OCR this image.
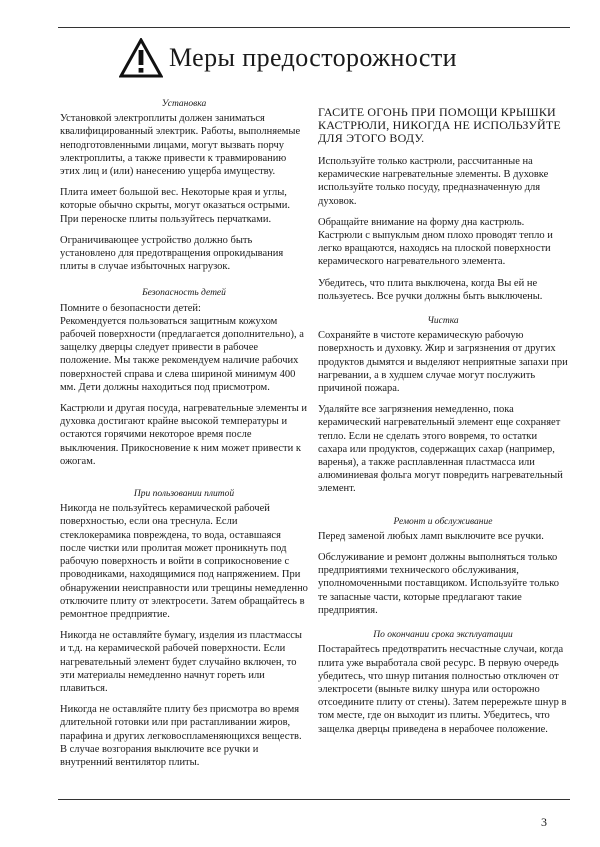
Меры предосторожности
Установка

Установкой электроплиты должен заниматься квалифицированный электрик. Работы, выполняемые неподготовленными лицами, могут вызвать порчу электроплиты, а также привести к травмированию этих лиц и (или) нанесению ущерба имуществу.

Плита имеет большой вес. Некоторые края и углы, которые обычно скрыты, могут оказаться острыми. При переноске плиты пользуйтесь перчатками.

Ограничивающее устройство должно быть установлено для предотвращения опрокидывания плиты в случае избыточных нагрузок.

Безопасность детей

Помните о безопасности детей:

Рекомендуется пользоваться защитным кожухом рабочей поверхности (предлагается дополнительно), а защелку дверцы следует привести в рабочее положение. Мы также рекомендуем наличие рабочих поверхностей справа и слева шириной минимум 400 мм. Дети должны находиться под присмотром.

Кастрюли и другая посуда, нагревательные элементы и духовка достигают крайне высокой температуры и остаются горячими некоторое время после выключения. Прикосновение к ним может привести к ожогам.

При пользовании плитой

Никогда не пользуйтесь керамической рабочей поверхностью, если она треснула. Если стеклокерамика повреждена, то вода, оставшаяся после чистки или пролитая может проникнуть под рабочую поверхность и войти в соприкосновение с проводниками, находящимися под напряжением. При обнаружении неисправности или трещины немедленно отключите плиту от электросети. Затем обращайтесь в ремонтное предприятие.

Никогда не оставляйте бумагу, изделия из пластмассы и т.д. на керамической рабочей поверхности. Если нагревательный элемент будет случайно включен, то эти материалы немедленно начнут гореть или плавиться.

Никогда не оставляйте плиту без присмотра во время длительной готовки или при растапливании жиров, парафина и других легковоспламеняющихся веществ. В случае возгорания выключите все ручки и внутренний вентилятор плиты.

ГАСИТЕ ОГОНЬ ПРИ ПОМОЩИ КРЫШКИ КАСТРЮЛИ, НИКОГДА НЕ ИСПОЛЬЗУЙТЕ ДЛЯ ЭТОГО ВОДУ.

Используйте только кастрюли, рассчитанные на керамические нагревательные элементы. В духовке используйте только посуду, предназначенную для духовок.

Обращайте внимание на форму дна кастрюль. Кастрюли с выпуклым дном плохо проводят тепло и легко вращаются, находясь на плоской поверхности керамического нагревательного элемента.

Убедитесь, что плита выключена, когда Вы ей не пользуетесь. Все ручки должны быть выключены.

Чистка

Сохраняйте в чистоте керамическую рабочую поверхность и духовку. Жир и загрязнения от других продуктов дымятся и выделяют неприятные запахи при нагревании, а в худшем случае могут послужить причиной пожара.

Удаляйте все загрязнения немедленно, пока керамический нагревательный элемент еще сохраняет тепло. Если не сделать этого вовремя, то остатки сахара или продуктов, содержащих сахар (например, варенья), а также расплавленная пластмасса или алюминиевая фольга могут повредить нагревательный элемент.

Ремонт и обслуживание

Перед заменой любых ламп выключите все ручки.

Обслуживание и ремонт должны выполняться только предприятиями технического обслуживания, уполномоченными поставщиком. Используйте только те запасные части, которые предлагают такие предприятия.

По окончании срока эксплуатации

Постарайтесь предотвратить несчастные случаи, когда плита уже выработала свой ресурс. В первую очередь убедитесь, что шнур питания полностью отключен от электросети (выньте вилку шнура или осторожно отсоедините плиту от стены). Затем перережьте шнур в том месте, где он выходит из плиты. Убедитесь, что защелка дверцы приведена в нерабочее положение.

3
